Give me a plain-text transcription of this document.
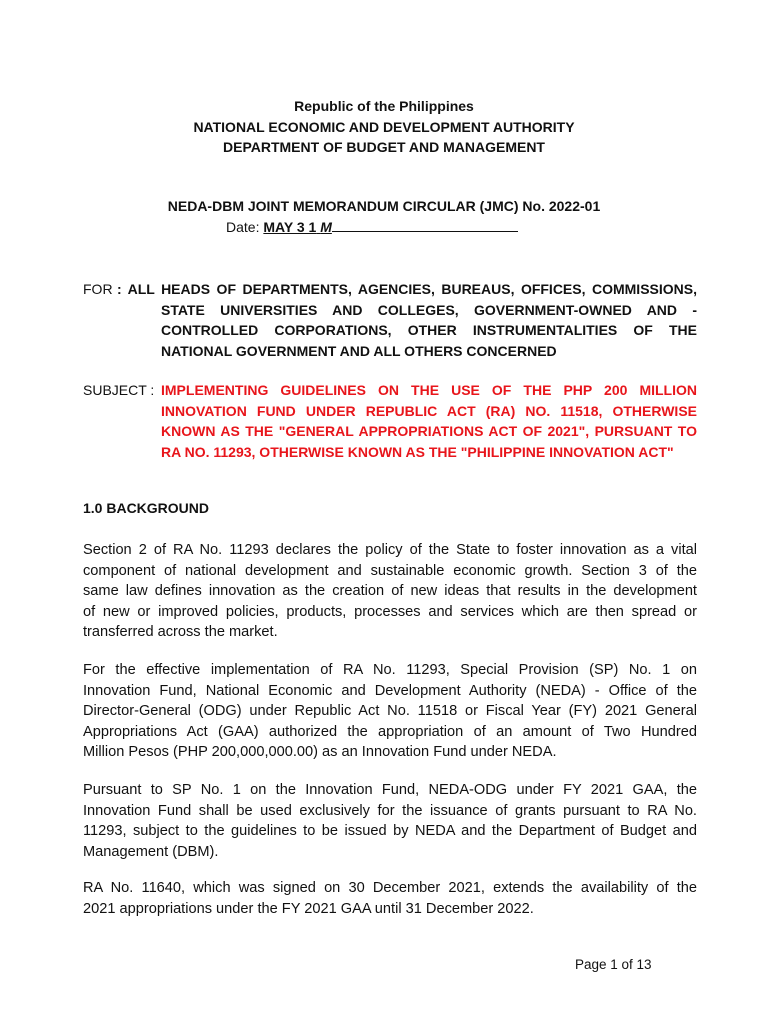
Republic of the Philippines
NATIONAL ECONOMIC AND DEVELOPMENT AUTHORITY
DEPARTMENT OF BUDGET AND MANAGEMENT
NEDA-DBM JOINT MEMORANDUM CIRCULAR (JMC) No. 2022-01
Date: MAY 3 1 M
FOR : ALL HEADS OF DEPARTMENTS, AGENCIES, BUREAUS, OFFICES, COMMISSIONS,
STATE UNIVERSITIES AND COLLEGES, GOVERNMENT-OWNED AND -
CONTROLLED CORPORATIONS, OTHER INSTRUMENTALITIES OF THE
NATIONAL GOVERNMENT AND ALL OTHERS CONCERNED
SUBJECT : IMPLEMENTING GUIDELINES ON THE USE OF THE PHP 200 MILLION
INNOVATION FUND UNDER REPUBLIC ACT (RA) NO. 11518, OTHERWISE
KNOWN AS THE "GENERAL APPROPRIATIONS ACT OF 2021", PURSUANT TO
RA NO. 11293, OTHERWISE KNOWN AS THE "PHILIPPINE INNOVATION ACT"
1.0 BACKGROUND
Section 2 of RA No. 11293 declares the policy of the State to foster innovation as a vital
component of national development and sustainable economic growth. Section 3 of the
same law defines innovation as the creation of new ideas that results in the development
of new or improved policies, products, processes and services which are then spread or
transferred across the market.
For the effective implementation of RA No. 11293, Special Provision (SP) No. 1 on
Innovation Fund, National Economic and Development Authority (NEDA) - Office of the
Director-General (ODG) under Republic Act No. 11518 or Fiscal Year (FY) 2021 General
Appropriations Act (GAA) authorized the appropriation of an amount of Two Hundred
Million Pesos (PHP 200,000,000.00) as an Innovation Fund under NEDA.
Pursuant to SP No. 1 on the Innovation Fund, NEDA-ODG under FY 2021 GAA, the
Innovation Fund shall be used exclusively for the issuance of grants pursuant to RA No.
11293, subject to the guidelines to be issued by NEDA and the Department of Budget and
Management (DBM).
RA No. 11640, which was signed on 30 December 2021, extends the availability of the
2021 appropriations under the FY 2021 GAA until 31 December 2022.
Page 1 of 13
